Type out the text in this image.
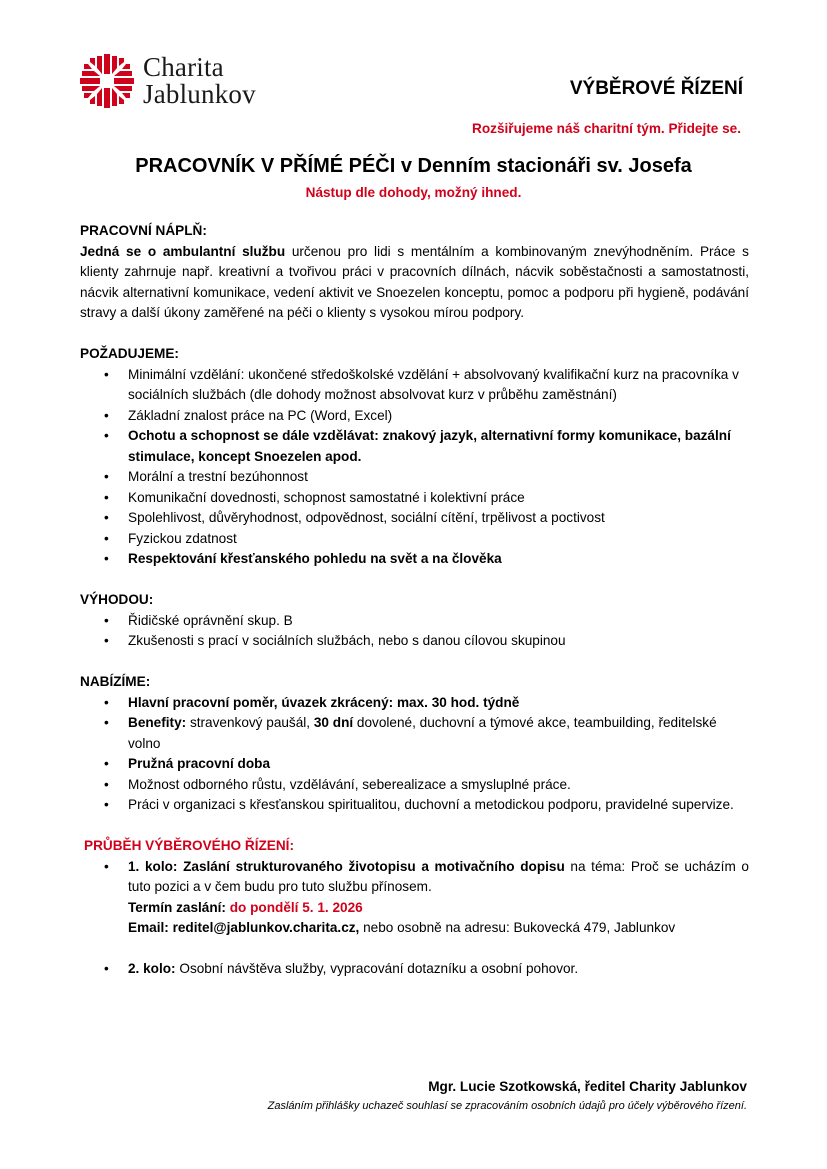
Charita
Jablunkov	VÝBĚROVÉ ŘÍZENÍ
Rozšiřujeme náš charitní tým. Přidejte se.
PRACOVNÍK V PŘÍMÉ PÉČI v Denním stacionáři sv. Josefa
Nástup dle dohody, možný ihned.
PRACOVNÍ NÁPLŇ:

Jedná se o ambulantní službu určenou pro lidi s mentálním a kombinovaným znevýhodněním. Práce s klienty zahrnuje např. kreativní a tvořivou práci v pracovních dílnách, nácvik soběstačnosti a samostatnosti, nácvik alternativní komunikace, vedení aktivit ve Snoezelen konceptu, pomoc a podporu při hygieně, podávání stravy a další úkony zaměřené na péči o klienty s vysokou mírou podpory.

POŽADUJEME:
• Minimální vzdělání: ukončené středoškolské vzdělání + absolvovaný kvalifikační kurz na pracovníka v sociálních službách (dle dohody možnost absolvovat kurz v průběhu zaměstnání)
• Základní znalost práce na PC (Word, Excel)
• Ochotu a schopnost se dále vzdělávat: znakový jazyk, alternativní formy komunikace, bazální stimulace, koncept Snoezelen apod.
• Morální a trestní bezúhonnost
• Komunikační dovednosti, schopnost samostatné i kolektivní práce
• Spolehlivost, důvěryhodnost, odpovědnost, sociální cítění, trpělivost a poctivost
• Fyzickou zdatnost
• Respektování křesťanského pohledu na svět a na člověka
VÝHODOU:
• Řidičské oprávnění skup. B
• Zkušenosti s prací v sociálních službách, nebo s danou cílovou skupinou
NABÍZÍME:
• Hlavní pracovní poměr, úvazek zkrácený: max. 30 hod. týdně
• Benefity: stravenkový paušál, 30 dní dovolené, duchovní a týmové akce, teambuilding, ředitelské volno
• Pružná pracovní doba
• Možnost odborného růstu, vzdělávání, seberealizace a smysluplné práce.
• Práci v organizaci s křesťanskou spiritualitou, duchovní a metodickou podporu, pravidelné supervize.
PRŮBĚH VÝBĚROVÉHO ŘÍZENÍ:

• 1. kolo: Zaslání strukturovaného životopisu a motivačního dopisu na téma: Proč se ucházím o tuto pozici a v čem budu pro tuto službu přínosem.

Termín zaslání: do pondělí 5. 1. 2026
Email: reditel@jablunkov.charita.cz, nebo osobně na adresu: Bukovecká 479, Jablunkov
• 2. kolo: Osobní návštěva služby, vypracování dotazníku a osobní pohovor.
Mgr. Lucie Szotkowská, ředitel Charity Jablunkov
Zasláním přihlášky uchazeč souhlasí se zpracováním osobních údajů pro účely výběrového řízení.
